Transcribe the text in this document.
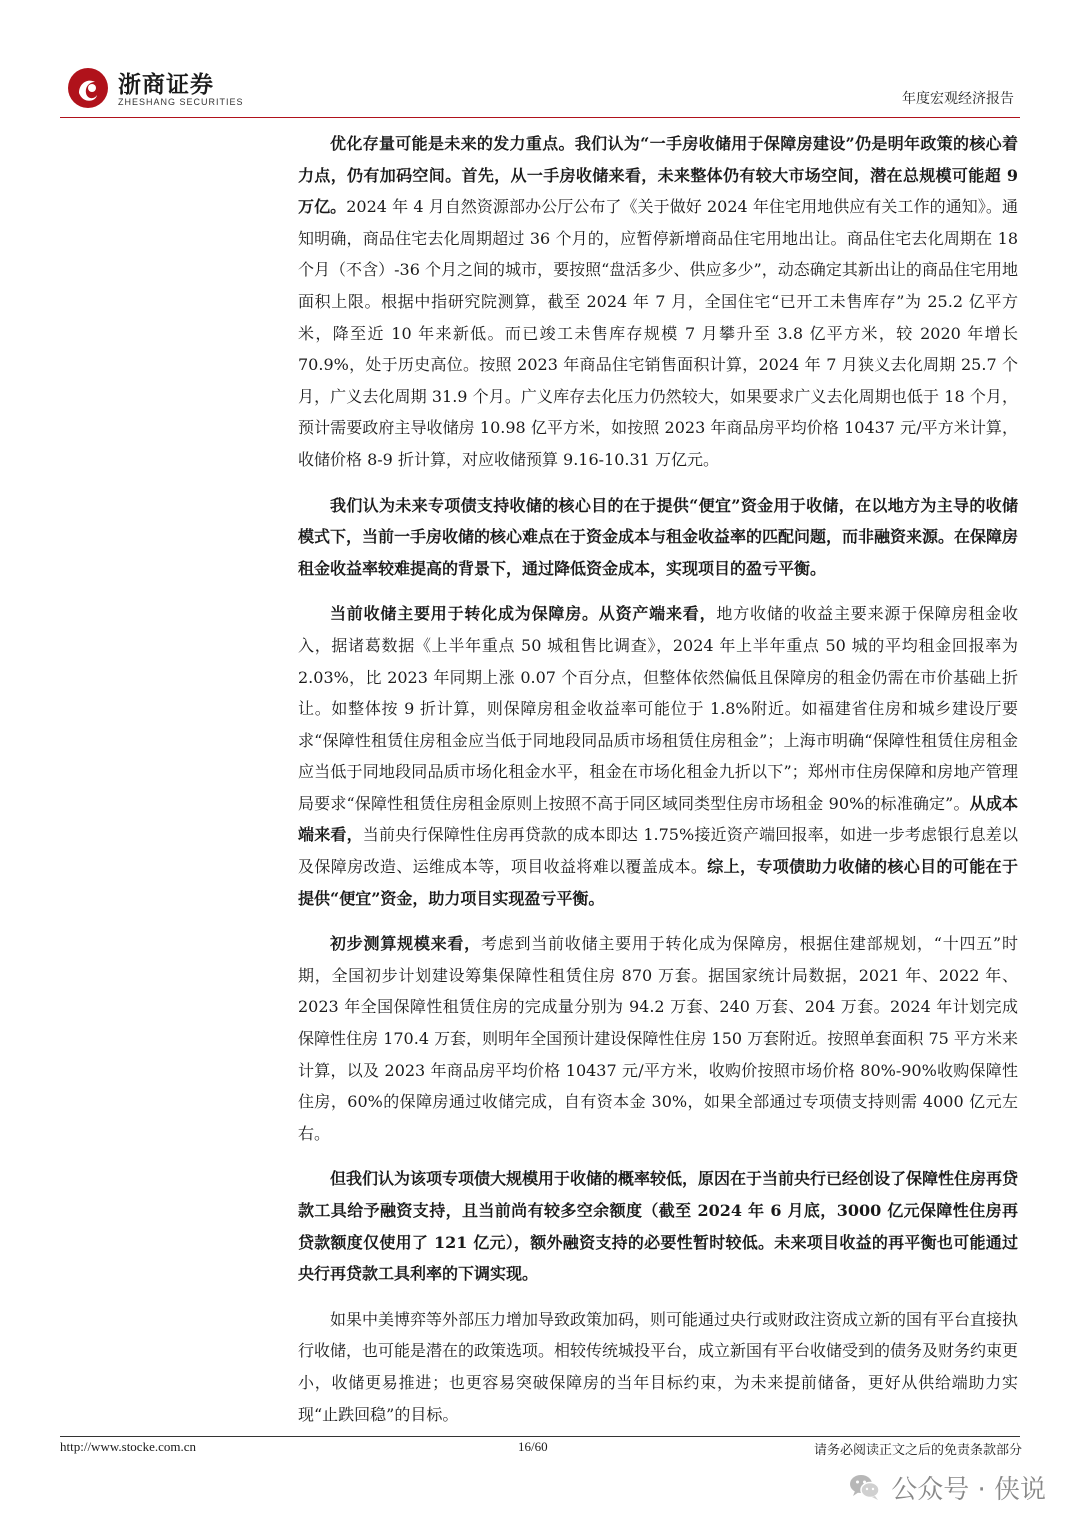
浙商证券
ZHESHANG SECURITIES	年度宏观经济报告

优化存量可能是未来的发力重点。我们认为“一手房收储用于保障房建设”仍是明年政策的核心着力点，仍有加码空间。首先，从一手房收储来看，未来整体仍有较大市场空间，潜在总规模可能超 9 万亿。2024 年 4 月自然资源部办公厅公布了《关于做好 2024 年住宅用地供应有关工作的通知》。通知明确，商品住宅去化周期超过 36 个月的，应暂停新增商品住宅用地出让。商品住宅去化周期在 18 个月（不含）-36 个月之间的城市，要按照“盘活多少、供应多少”，动态确定其新出让的商品住宅用地面积上限。根据中指研究院测算，截至 2024 年 7 月，全国住宅“已开工未售库存”为 25.2 亿平方米，降至近 10 年来新低。而已竣工未售库存规模 7 月攀升至 3.8 亿平方米，较 2020 年增长 70.9%，处于历史高位。按照 2023 年商品住宅销售面积计算，2024 年 7 月狭义去化周期 25.7 个月，广义去化周期 31.9 个月。广义库存去化压力仍然较大，如果要求广义去化周期也低于 18 个月，预计需要政府主导收储房 10.98 亿平方米，如按照 2023 年商品房平均价格 10437 元/平方米计算，收储价格 8-9 折计算，对应收储预算 9.16-10.31 万亿元。

我们认为未来专项债支持收储的核心目的在于提供“便宜”资金用于收储，在以地方为主导的收储模式下，当前一手房收储的核心难点在于资金成本与租金收益率的匹配问题，而非融资来源。在保障房租金收益率较难提高的背景下，通过降低资金成本，实现项目的盈亏平衡。

当前收储主要用于转化成为保障房。从资产端来看，地方收储的收益主要来源于保障房租金收入，据诸葛数据《上半年重点 50 城租售比调查》，2024 年上半年重点 50 城的平均租金回报率为 2.03%，比 2023 年同期上涨 0.07 个百分点，但整体依然偏低且保障房的租金仍需在市价基础上折让。如整体按 9 折计算，则保障房租金收益率可能位于 1.8%附近。如福建省住房和城乡建设厅要求“保障性租赁住房租金应当低于同地段同品质市场租赁住房租金”；上海市明确“保障性租赁住房租金应当低于同地段同品质市场化租金水平，租金在市场化租金九折以下”；郑州市住房保障和房地产管理局要求“保障性租赁住房租金原则上按照不高于同区域同类型住房市场租金 90%的标准确定”。从成本端来看，当前央行保障性住房再贷款的成本即达 1.75%接近资产端回报率，如进一步考虑银行息差以及保障房改造、运维成本等，项目收益将难以覆盖成本。综上，专项债助力收储的核心目的可能在于提供“便宜”资金，助力项目实现盈亏平衡。

初步测算规模来看，考虑到当前收储主要用于转化成为保障房，根据住建部规划，“十四五”时期，全国初步计划建设筹集保障性租赁住房 870 万套。据国家统计局数据，2021 年、2022 年、2023 年全国保障性租赁住房的完成量分别为 94.2 万套、240 万套、204 万套。2024 年计划完成保障性住房 170.4 万套，则明年全国预计建设保障性住房 150 万套附近。按照单套面积 75 平方米来计算，以及 2023 年商品房平均价格 10437 元/平方米，收购价按照市场价格 80%-90%收购保障性住房，60%的保障房通过收储完成，自有资本金 30%，如果全部通过专项债支持则需 4000 亿元左右。

但我们认为该项专项债大规模用于收储的概率较低，原因在于当前央行已经创设了保障性住房再贷款工具给予融资支持，且当前尚有较多空余额度（截至 2024 年 6 月底，3000 亿元保障性住房再贷款额度仅使用了 121 亿元），额外融资支持的必要性暂时较低。未来项目收益的再平衡也可能通过央行再贷款工具利率的下调实现。

如果中美博弈等外部压力增加导致政策加码，则可能通过央行或财政注资成立新的国有平台直接执行收储，也可能是潜在的政策选项。相较传统城投平台，成立新国有平台收储受到的债务及财务约束更小，收储更易推进；也更容易突破保障房的当年目标约束，为未来提前储备，更好从供给端助力实现“止跌回稳”的目标。

http://www.stocke.com.cn	16/60	请务必阅读正文之后的免责条款部分
公众号 · 侠说
